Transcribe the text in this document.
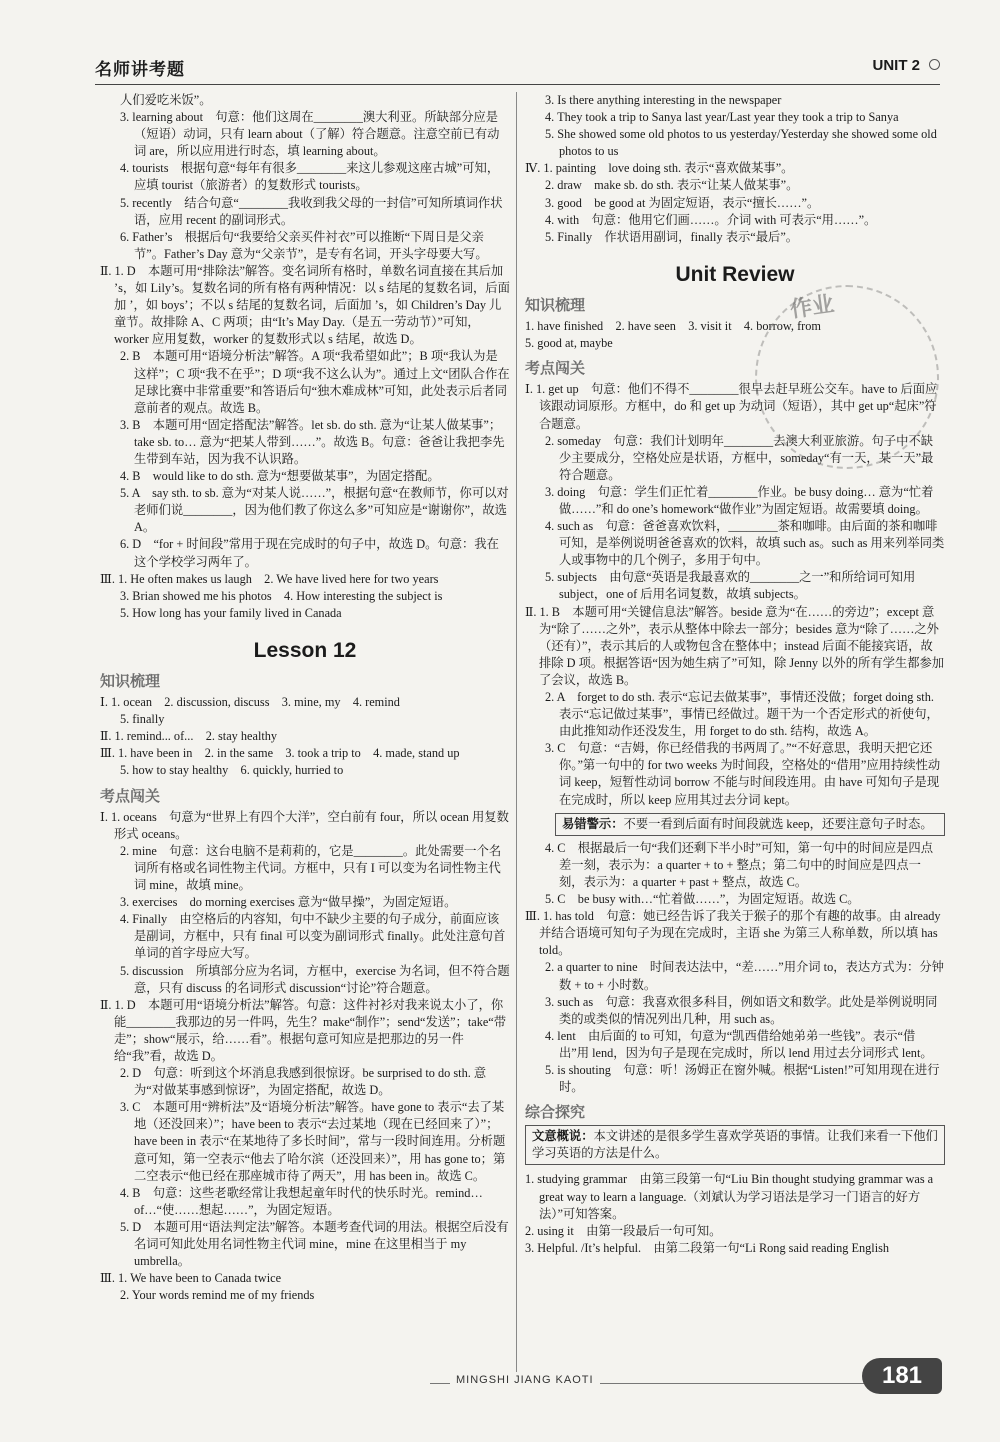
名师讲考题	UNIT 2

人们爱吃米饭”。

3. learning about　句意：他们这周在________澳大利亚。所缺部分应是（短语）动词，只有 learn about（了解）符合题意。注意空前已有动词 are，所以应用进行时态，填 learning about。

4. tourists　根据句意“每年有很多________来这儿参观这座古城”可知，应填 tourist（旅游者）的复数形式 tourists。

5. recently　结合句意“________我收到我父母的一封信”可知所填词作状语，应用 recent 的副词形式。

6. Father’s　根据后句“我要给父亲买件衬衣”可以推断“下周日是父亲节”。Father’s Day 意为“父亲节”，是专有名词，开头字母要大写。

Ⅱ. 1. D　本题可用“排除法”解答。变名词所有格时，单数名词直接在其后加 ’s，如 Lily’s。复数名词的所有格有两种情况：以 s 结尾的复数名词，后面加 ’，如 boys’；不以 s 结尾的复数名词，后面加 ’s，如 Children’s Day 儿童节。故排除 A、C 两项；由“It’s May Day.（是五一劳动节）”可知，worker 应用复数，worker 的复数形式以 s 结尾，故选 D。

2. B　本题可用“语境分析法”解答。A 项“我希望如此”；B 项“我认为是这样”；C 项“我不在乎”；D 项“我不这么认为”。通过上文“团队合作在足球比赛中非常重要”和答语后句“独木难成林”可知，此处表示后者同意前者的观点。故选 B。

3. B　本题可用“固定搭配法”解答。let sb. do sth. 意为“让某人做某事”；take sb. to… 意为“把某人带到……”。故选 B。句意：爸爸让我把李先生带到车站，因为我不认识路。

4. B　would like to do sth. 意为“想要做某事”，为固定搭配。

5. A　say sth. to sb. 意为“对某人说……”，根据句意“在教师节，你可以对老师们说________，因为他们教了你这么多”可知应是“谢谢你”，故选 A。

6. D　“for + 时间段”常用于现在完成时的句子中，故选 D。句意：我在这个学校学习两年了。

Ⅲ. 1. He often makes us laugh　2. We have lived here for two years

3. Brian showed me his photos　4. How interesting the subject is

5. How long has your family lived in Canada

Lesson 12
知识梳理

Ⅰ. 1. ocean　2. discussion, discuss　3. mine, my　4. remind

5. finally

Ⅱ. 1. remind... of...　2. stay healthy

Ⅲ. 1. have been in　2. in the same　3. took a trip to　4. made, stand up

5. how to stay healthy　6. quickly, hurried to

考点闯关

Ⅰ. 1. oceans　句意为“世界上有四个大洋”，空白前有 four，所以 ocean 用复数形式 oceans。

2. mine　句意：这台电脑不是莉莉的，它是________。此处需要一个名词所有格或名词性物主代词。方框中，只有 I 可以变为名词性物主代词 mine，故填 mine。

3. exercises　do morning exercises 意为“做早操”，为固定短语。

4. Finally　由空格后的内容知，句中不缺少主要的句子成分，前面应该是副词，方框中，只有 final 可以变为副词形式 finally。此处注意句首单词的首字母应大写。

5. discussion　所填部分应为名词，方框中，exercise 为名词，但不符合题意，只有 discuss 的名词形式 discussion“讨论”符合题意。

Ⅱ. 1. D　本题可用“语境分析法”解答。句意：这件衬衫对我来说太小了，你能________我那边的另一件吗，先生？make“制作”；send“发送”；take“带走”；show“展示，给……看”。根据句意可知应是把那边的另一件给“我”看，故选 D。

2. D　句意：听到这个坏消息我感到很惊讶。be surprised to do sth. 意为“对做某事感到惊讶”，为固定搭配，故选 D。

3. C　本题可用“辨析法”及“语境分析法”解答。have gone to 表示“去了某地（还没回来）”；have been to 表示“去过某地（现在已经回来了）”；have been in 表示“在某地待了多长时间”，常与一段时间连用。分析题意可知，第一空表示“他去了哈尔滨（还没回来）”，用 has gone to；第二空表示“他已经在那座城市待了两天”，用 has been in。故选 C。

4. B　句意：这些老歌经常让我想起童年时代的快乐时光。remind… of…“使……想起……”，为固定短语。

5. D　本题可用“语法判定法”解答。本题考查代词的用法。根据空后没有名词可知此处用名词性物主代词 mine，mine 在这里相当于 my umbrella。

Ⅲ. 1. We have been to Canada twice

2. Your words remind me of my friends

3. Is there anything interesting in the newspaper

4. They took a trip to Sanya last year/Last year they took a trip to Sanya

5. She showed some old photos to us yesterday/Yesterday she showed some old photos to us

Ⅳ. 1. painting　love doing sth. 表示“喜欢做某事”。

2. draw　make sb. do sth. 表示“让某人做某事”。

3. good　be good at 为固定短语，表示“擅长……”。

4. with　句意：他用它们画……。介词 with 可表示“用……”。

5. Finally　作状语用副词，finally 表示“最后”。

Unit Review
知识梳理

1. have finished　2. have seen　3. visit it　4. borrow, from

5. good at, maybe

考点闯关

Ⅰ. 1. get up　句意：他们不得不________很早去赶早班公交车。have to 后面应该跟动词原形。方框中，do 和 get up 为动词（短语），其中 get up“起床”符合题意。

2. someday　句意：我们计划明年________去澳大利亚旅游。句子中不缺少主要成分，空格处应是状语，方框中，someday“有一天，某一天”最符合题意。

3. doing　句意：学生们正忙着________作业。be busy doing… 意为“忙着做……”和 do one’s homework“做作业”为固定短语。故需要填 doing。

4. such as　句意：爸爸喜欢饮料，________茶和咖啡。由后面的茶和咖啡可知，是举例说明爸爸喜欢的饮料，故填 such as。such as 用来列举同类人或事物中的几个例子，多用于句中。

5. subjects　由句意“英语是我最喜欢的________之一”和所给词可知用 subject，one of 后用名词复数，故填 subjects。

Ⅱ. 1. B　本题可用“关键信息法”解答。beside 意为“在……的旁边”；except 意为“除了……之外”，表示从整体中除去一部分；besides 意为“除了……之外（还有）”，表示其后的人或物包含在整体中；instead 后面不能接宾语，故排除 D 项。根据答语“因为她生病了”可知，除 Jenny 以外的所有学生都参加了会议，故选 B。

2. A　forget to do sth. 表示“忘记去做某事”，事情还没做；forget doing sth. 表示“忘记做过某事”，事情已经做过。题干为一个否定形式的祈使句，由此推知动作还没发生，用 forget to do sth. 结构，故选 A。

3. C　句意：“吉姆，你已经借我的书两周了。”“不好意思，我明天把它还你。”第一句中的 for two weeks 为时间段，空格处的“借用”应用持续性动词 keep，短暂性动词 borrow 不能与时间段连用。由 have 可知句子是现在完成时，所以 keep 应用其过去分词 kept。

易错警示：不要一看到后面有时间段就选 keep，还要注意句子时态。

4. C　根据最后一句“我们还剩下半小时”可知，第一句中的时间应是四点差一刻，表示为：a quarter + to + 整点；第二句中的时间应是四点一刻，表示为：a quarter + past + 整点，故选 C。

5. C　be busy with…“忙着做……”，为固定短语。故选 C。

Ⅲ. 1. has told　句意：她已经告诉了我关于猴子的那个有趣的故事。由 already 并结合语境可知句子为现在完成时，主语 she 为第三人称单数，所以填 has told。

2. a quarter to nine　时间表达法中，“差……”用介词 to，表达方式为：分钟数 + to + 小时数。

3. such as　句意：我喜欢很多科目，例如语文和数学。此处是举例说明同类的或类似的情况列出几种，用 such as。

4. lent　由后面的 to 可知，句意为“凯西借给她弟弟一些钱”。表示“借出”用 lend，因为句子是现在完成时，所以 lend 用过去分词形式 lent。

5. is shouting　句意：听！汤姆正在窗外喊。根据“Listen!”可知用现在进行时。

综合探究
文意概说：本文讲述的是很多学生喜欢学英语的事情。让我们来看一下他们学习英语的方法是什么。

1. studying grammar　由第三段第一句“Liu Bin thought studying grammar was a great way to learn a language.（刘斌认为学习语法是学习一门语言的好方法）”可知答案。

2. using it　由第一段最后一句可知。

3. Helpful. /It’s helpful.　由第二段第一句“Li Rong said reading English

作业
MINGSHI JIANG KAOTI	181
